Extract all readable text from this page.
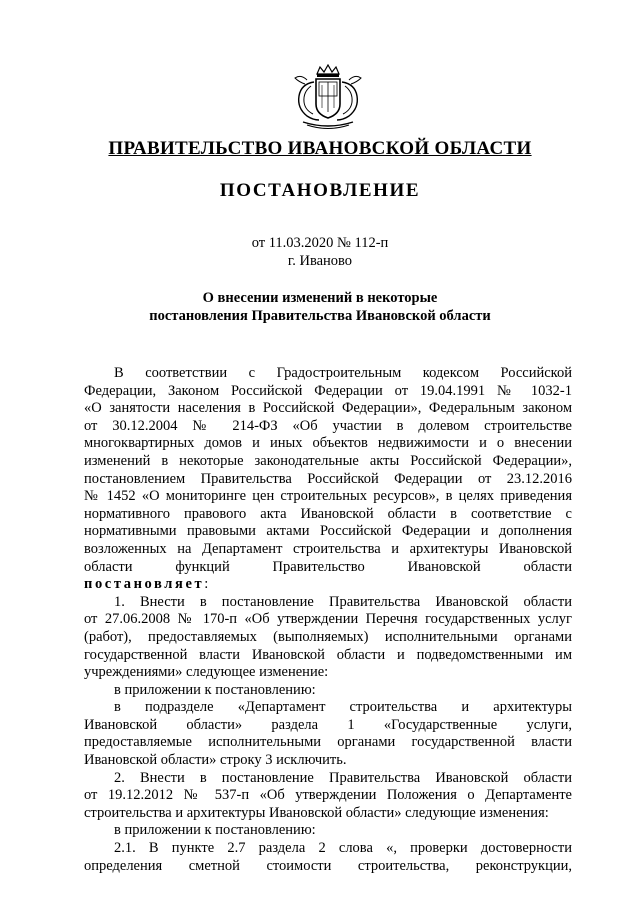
ПРАВИТЕЛЬСТВО ИВАНОВСКОЙ ОБЛАСТИ
ПОСТАНОВЛЕНИЕ
от 11.03.2020 № 112-п
г. Иваново
О внесении изменений в некоторые
постановления Правительства Ивановской области

В соответствии с Градостроительным кодексом Российской

Федерации, Законом Российской Федерации от 19.04.1991 № 1032-1

«О занятости населения в Российской Федерации», Федеральным законом

от 30.12.2004 № 214-ФЗ «Об участии в долевом строительстве

многоквартирных домов и иных объектов недвижимости и о внесении

изменений в некоторые законодательные акты Российской Федерации»,

постановлением Правительства Российской Федерации от 23.12.2016

№ 1452 «О мониторинге цен строительных ресурсов», в целях приведения

нормативного правового акта Ивановской области в соответствие с

нормативными правовыми актами Российской Федерации и дополнения

возложенных на Департамент строительства и архитектуры Ивановской

области функций Правительство Ивановской области

постановляет:

1. Внести в постановление Правительства Ивановской области

от 27.06.2008 № 170-п «Об утверждении Перечня государственных услуг

(работ), предоставляемых (выполняемых) исполнительными органами

государственной власти Ивановской области и подведомственными им

учреждениями» следующее изменение:

в приложении к постановлению:

в подразделе «Департамент строительства и архитектуры

Ивановской области» раздела 1 «Государственные услуги,

предоставляемые исполнительными органами государственной власти

Ивановской области» строку 3 исключить.

2. Внести в постановление Правительства Ивановской области

от 19.12.2012 № 537-п «Об утверждении Положения о Департаменте

строительства и архитектуры Ивановской области» следующие изменения:

в приложении к постановлению:

2.1. В пункте 2.7 раздела 2 слова «, проверки достоверности

определения сметной стоимости строительства, реконструкции,
